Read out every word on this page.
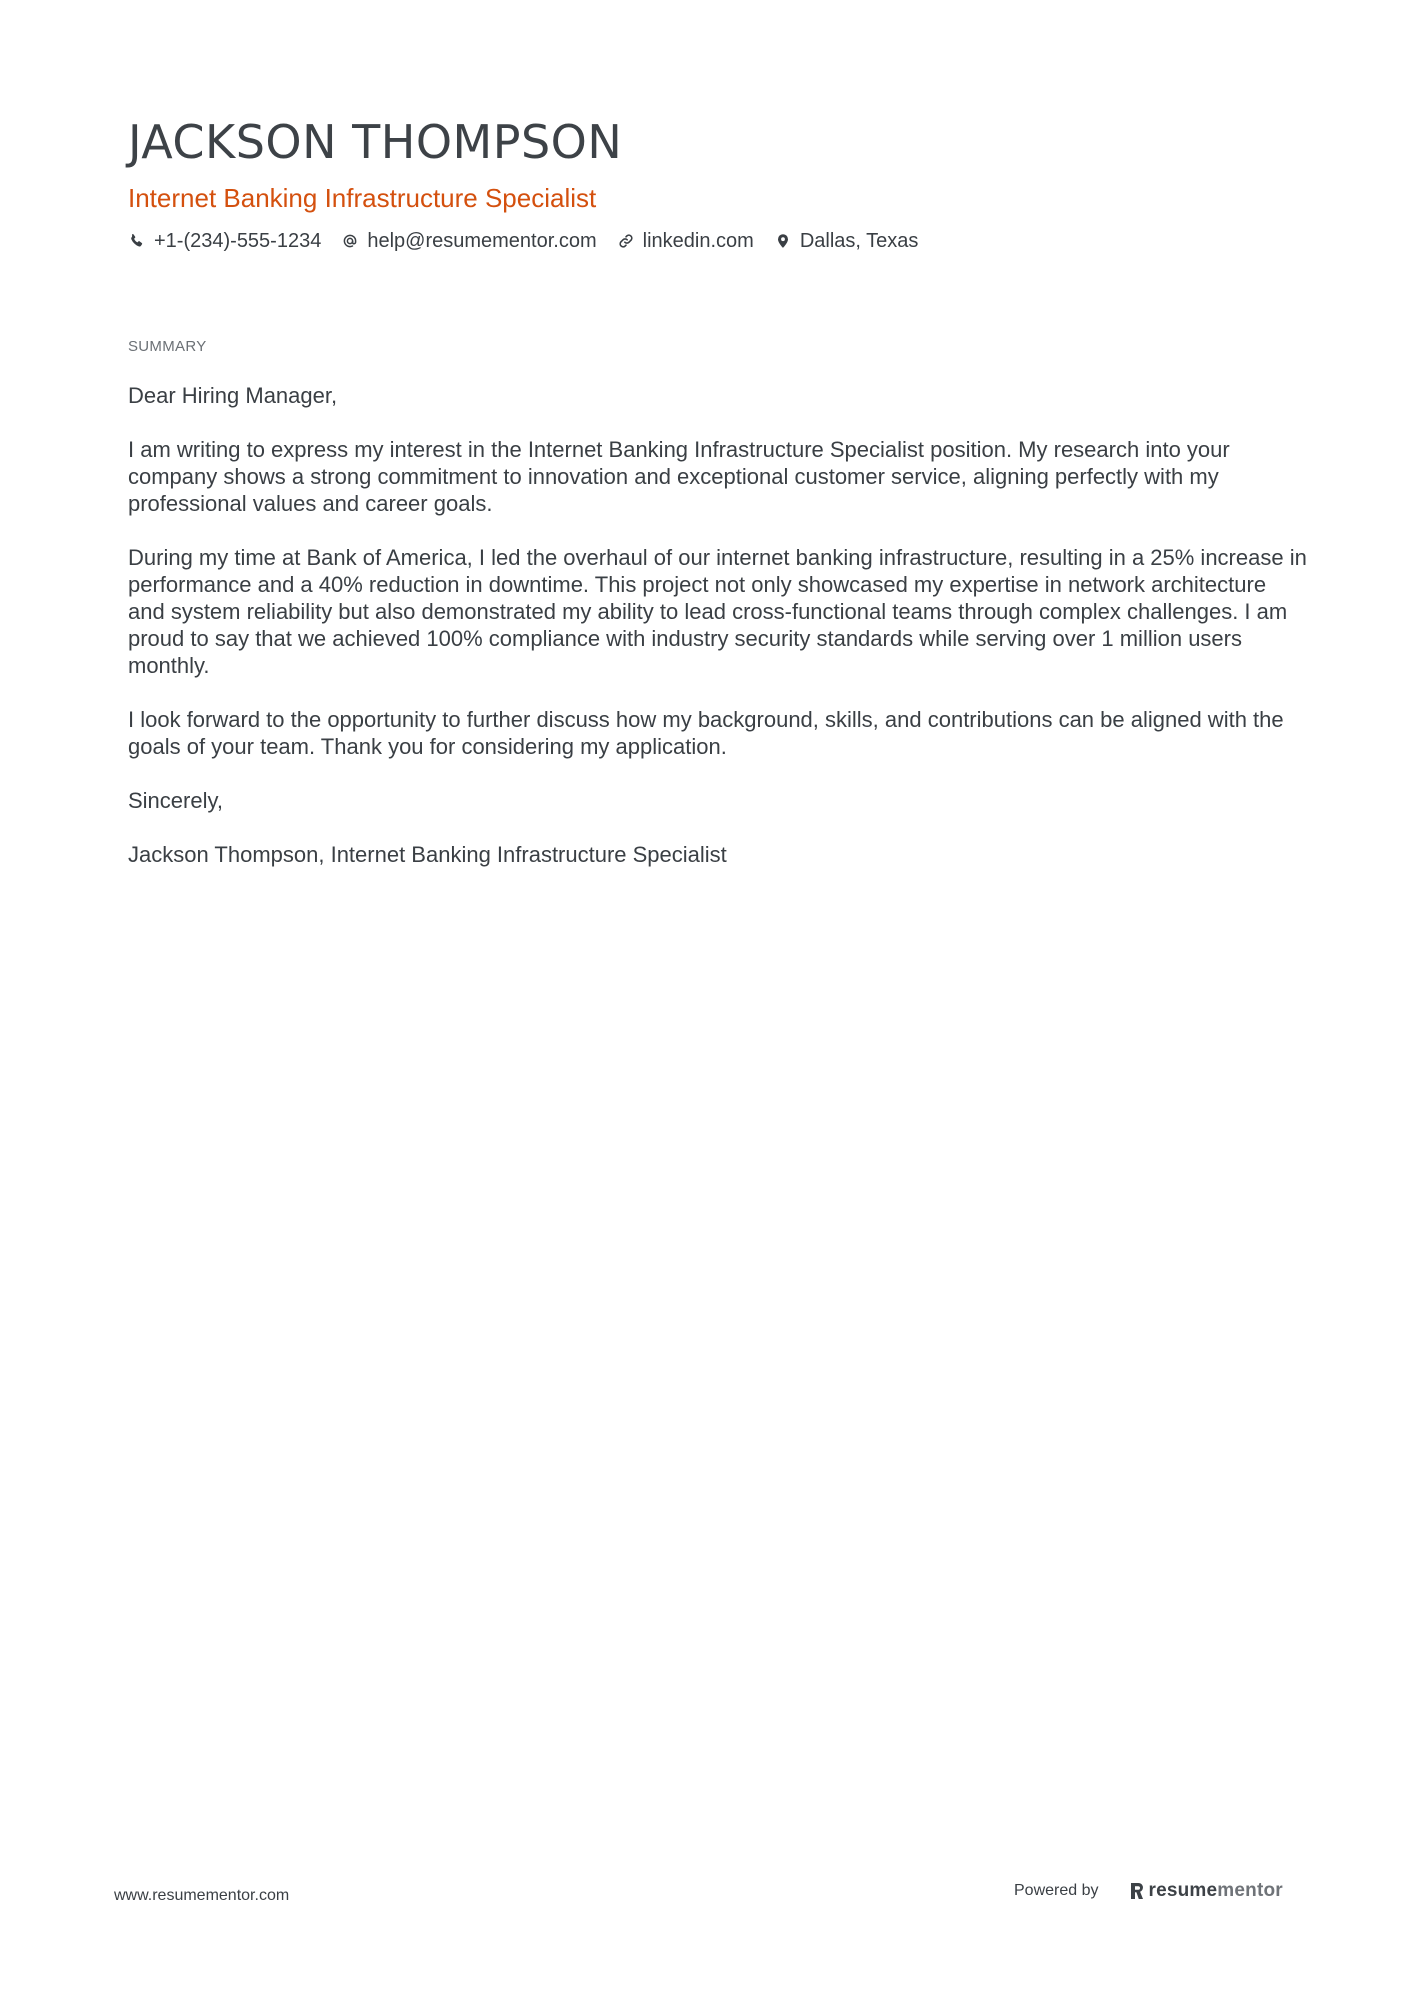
JACKSON THOMPSON
Internet Banking Infrastructure Specialist
+1-(234)-555-1234 help@resumementor.com linkedin.com Dallas, Texas
SUMMARY

Dear Hiring Manager,

I am writing to express my interest in the Internet Banking Infrastructure Specialist position. My research into your company shows a strong commitment to innovation and exceptional customer service, aligning perfectly with my professional values and career goals.

During my time at Bank of America, I led the overhaul of our internet banking infrastructure, resulting in a 25% increase in performance and a 40% reduction in downtime. This project not only showcased my expertise in network architecture and system reliability but also demonstrated my ability to lead cross-functional teams through complex challenges. I am proud to say that we achieved 100% compliance with industry security standards while serving over 1 million users monthly.

I look forward to the opportunity to further discuss how my background, skills, and contributions can be aligned with the goals of your team. Thank you for considering my application.

Sincerely,

Jackson Thompson, Internet Banking Infrastructure Specialist

www.resumementor.com	Powered by	resumementor
